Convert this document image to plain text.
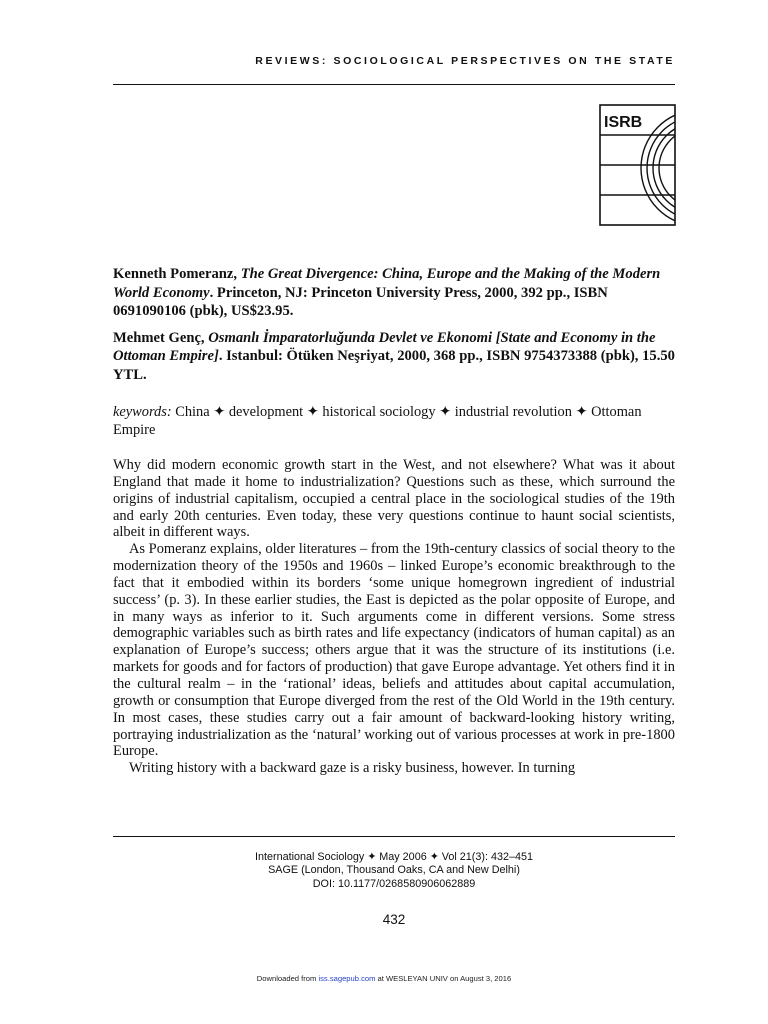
REVIEWS: SOCIOLOGICAL PERSPECTIVES ON THE STATE
ISRB

Kenneth Pomeranz, The Great Divergence: China, Europe and the Making of the Modern World Economy. Princeton, NJ: Princeton University Press, 2000, 392 pp., ISBN 0691090106 (pbk), US$23.95.

Mehmet Genç, Osmanlı İmparatorluğunda Devlet ve Ekonomi [State and Economy in the Ottoman Empire]. Istanbul: Ötüken Neşriyat, 2000, 368 pp., ISBN 9754373388 (pbk), 15.50 YTL.

keywords: China ✦ development ✦ historical sociology ✦ industrial revolution ✦ Ottoman Empire

Why did modern economic growth start in the West, and not elsewhere? What was it about England that made it home to industrialization? Questions such as these, which surround the origins of industrial capitalism, occupied a central place in the sociological studies of the 19th and early 20th centuries. Even today, these very questions continue to haunt social scientists, albeit in different ways.

As Pomeranz explains, older literatures – from the 19th-century classics of social theory to the modernization theory of the 1950s and 1960s – linked Europe’s economic breakthrough to the fact that it embodied within its borders ‘some unique homegrown ingredient of industrial success’ (p. 3). In these earlier studies, the East is depicted as the polar opposite of Europe, and in many ways as inferior to it. Such arguments come in different versions. Some stress demographic variables such as birth rates and life expectancy (indicators of human capital) as an explanation of Europe’s success; others argue that it was the structure of its institutions (i.e. markets for goods and for factors of production) that gave Europe advantage. Yet others find it in the cultural realm – in the ‘rational’ ideas, beliefs and attitudes about capital accumulation, growth or consumption that Europe diverged from the rest of the Old World in the 19th century. In most cases, these studies carry out a fair amount of backward-looking history writing, portraying industrialization as the ‘natural’ working out of various processes at work in pre-1800 Europe.

Writing history with a backward gaze is a risky business, however. In turning

International Sociology ✦ May 2006 ✦ Vol 21(3): 432–451
SAGE (London, Thousand Oaks, CA and New Delhi)
DOI: 10.1177/0268580906062889
432
Downloaded from iss.sagepub.com at WESLEYAN UNIV on August 3, 2016
